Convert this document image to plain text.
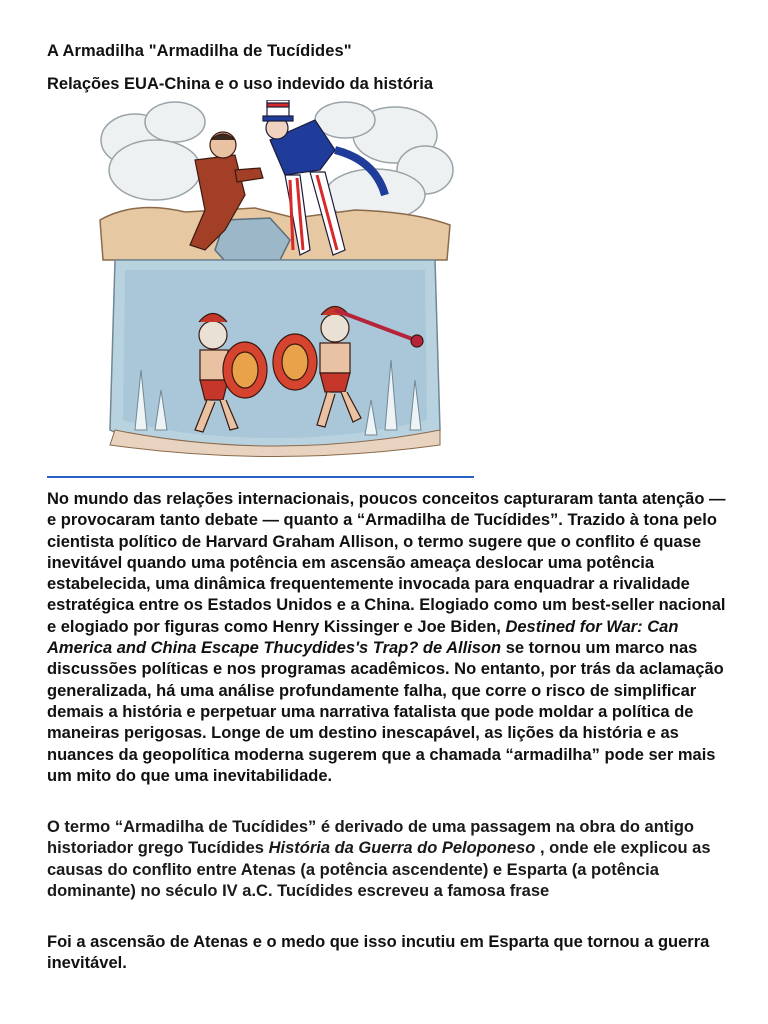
A Armadilha "Armadilha de Tucídides"
Relações EUA-China e o uso indevido da história

No mundo das relações internacionais, poucos conceitos capturaram tanta atenção — e provocaram tanto debate — quanto a “Armadilha de Tucídides”. Trazido à tona pelo cientista político de Harvard Graham Allison, o termo sugere que o conflito é quase inevitável quando uma potência em ascensão ameaça deslocar uma potência estabelecida, uma dinâmica frequentemente invocada para enquadrar a rivalidade estratégica entre os Estados Unidos e a China. Elogiado como um best-seller nacional e elogiado por figuras como Henry Kissinger e Joe Biden, Destined for War: Can America and China Escape Thucydides's Trap? de Allison se tornou um marco nas discussões políticas e nos programas acadêmicos. No entanto, por trás da aclamação generalizada, há uma análise profundamente falha, que corre o risco de simplificar demais a história e perpetuar uma narrativa fatalista que pode moldar a política de maneiras perigosas. Longe de um destino inescapável, as lições da história e as nuances da geopolítica moderna sugerem que a chamada “armadilha” pode ser mais um mito do que uma inevitabilidade.

O termo “Armadilha de Tucídides” é derivado de uma passagem na obra do antigo historiador grego Tucídides História da Guerra do Peloponeso , onde ele explicou as causas do conflito entre Atenas (a potência ascendente) e Esparta (a potência dominante) no século IV a.C. Tucídides escreveu a famosa frase

Foi a ascensão de Atenas e o medo que isso incutiu em Esparta que tornou a guerra inevitável.
